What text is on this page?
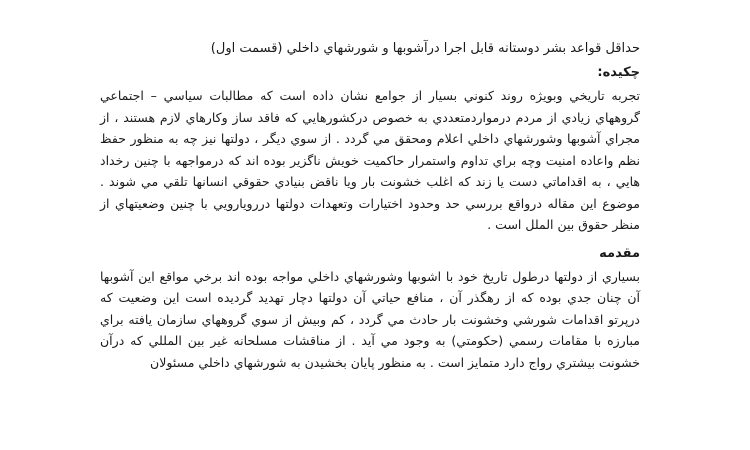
حداقل قواعد بشر دوستانه قابل اجرا درآشوبها و شورشهاي داخلي (قسمت اول)

چكيده:

تجربه تاريخي وبويژه روند كنوني بسيار از جوامع نشان داده است كه مطالبات سياسي – اجتماعي گروههاي زيادي از مردم درمواردمتعددي به خصوص دركشورهايي كه فاقد ساز وكارهاي لازم هستند ، از مجراي آشوبها وشورشهاي داخلي اعلام ومحقق مي گردد . از سوي ديگر ، دولتها نيز چه به منظور حفظ نظم واعاده امنيت وچه براي تداوم واستمرار حاكميت خويش ناگزير بوده اند كه درمواجهه با چنين رخداد هايي ، به اقداماتي دست يا زند كه اغلب خشونت بار ويا ناقض بنيادي حقوقي انسانها تلقي مي شوند . موضوع اين مقاله درواقع بررسي حد وحدود اختيارات وتعهدات دولتها دررويارويي با چنين وضعيتهاي از منظر حقوق بين الملل است .

مقدمه

بسياري از دولتها درطول تاريخ خود با اشوبها وشورشهاي داخلي مواجه بوده اند برخي مواقع اين آشوبها آن چنان جدي بوده كه از رهگذر آن ، منافع حياتي آن دولتها دچار تهديد گرديده است اين وضعيت كه درپرتو اقدامات شورشي وخشونت بار حادث مي گردد ، كم وبيش از سوي گروههاي سازمان يافته براي مبارزه با مقامات رسمي (حكومتي) به وجود مي آيد . از مناقشات مسلحانه غير بين المللي كه درآن خشونت بيشتري رواج دارد متمايز است . به منظور پايان بخشيدن به شورشهاي داخلي مسئولان
